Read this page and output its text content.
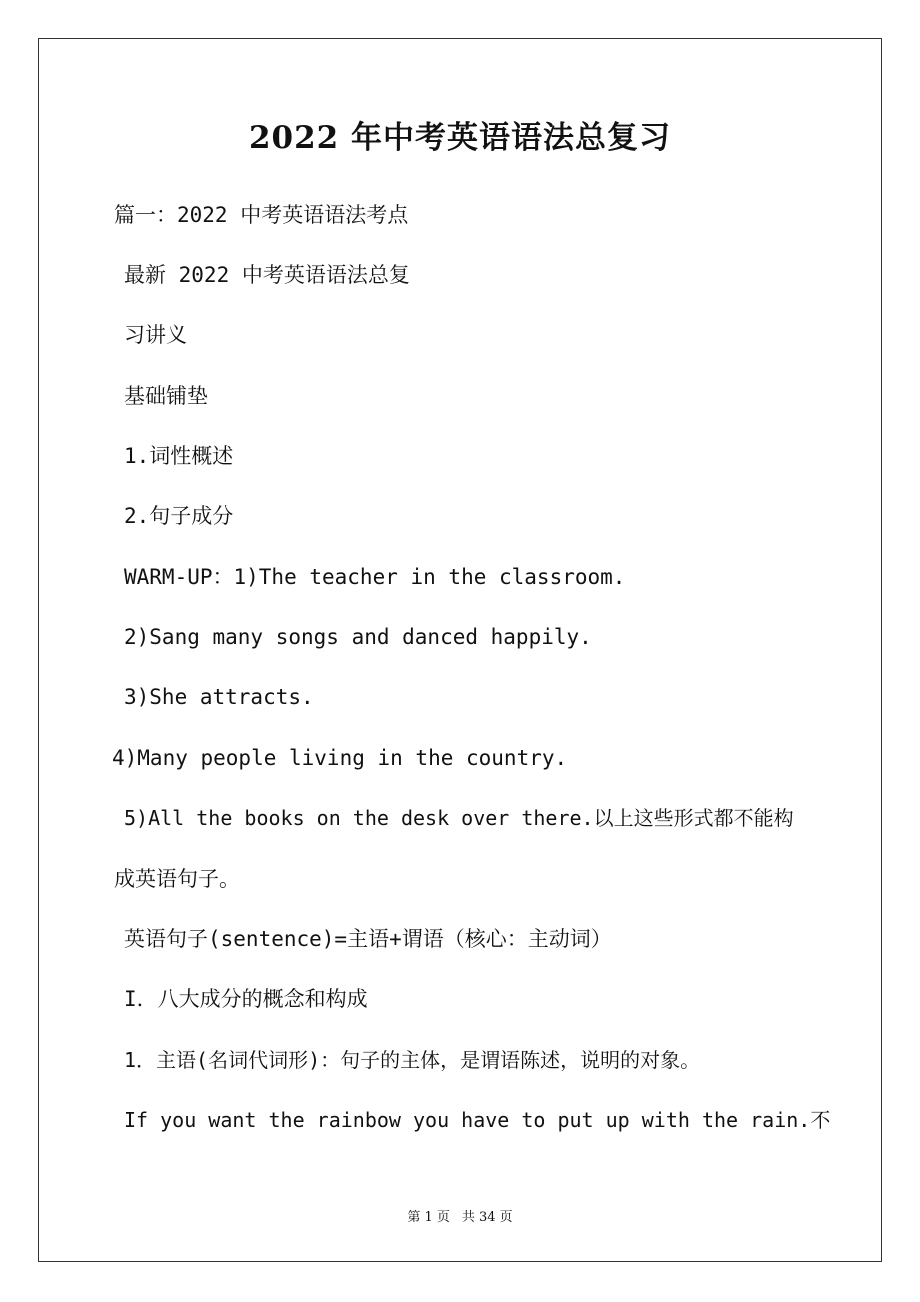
2022 年中考英语语法总复习
篇一：2022 中考英语语法考点
最新 2022 中考英语语法总复
习讲义
基础铺垫
1.词性概述
2.句子成分
WARM-UP：1)The teacher in the classroom.
2)Sang many songs and danced happily.
3)She attracts.
4)Many people living in the country.
5)All the books on the desk over there.以上这些形式都不能构
成英语句子。
英语句子(sentence)=主语+谓语（核心：主动词）
I．八大成分的概念和构成
1．主语(名词代词形)：句子的主体，是谓语陈述，说明的对象。
If you want the rainbow you have to put up with the rain.不
第 1 页 共 34 页
